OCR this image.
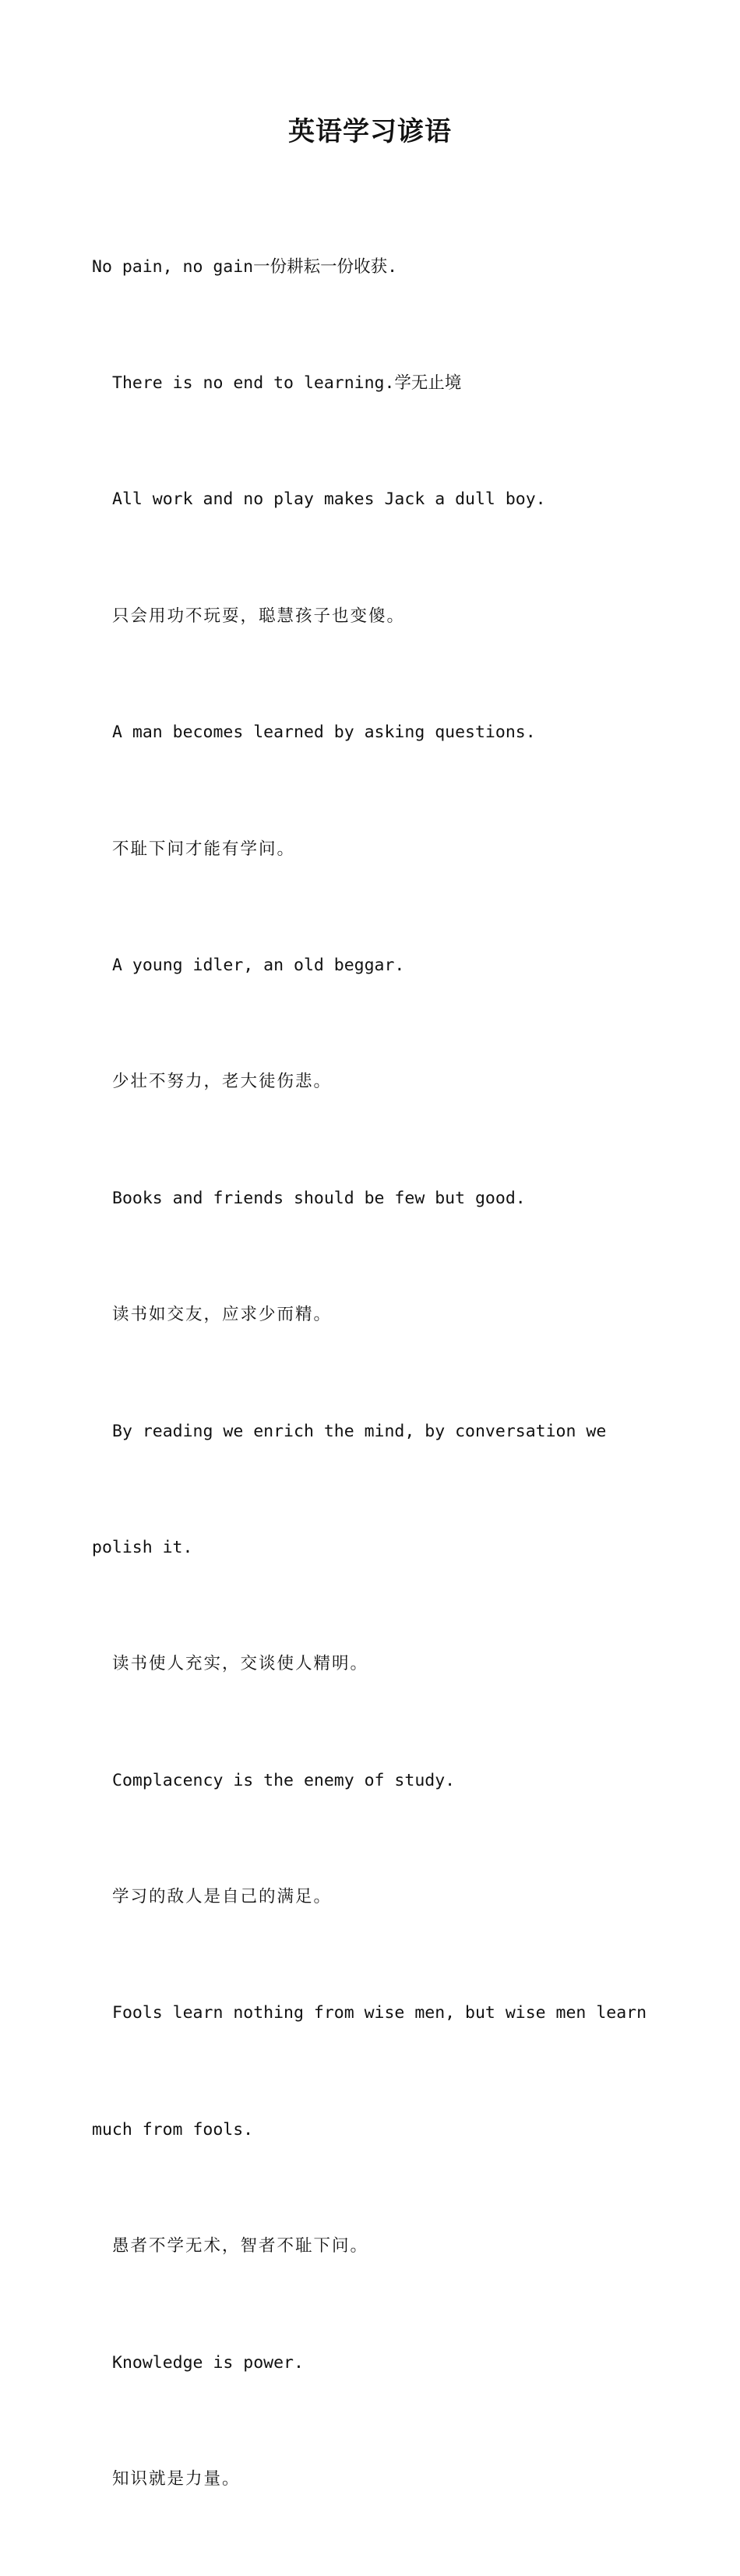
英语学习谚语

No pain, no gain一份耕耘一份收获.

There is no end to learning.学无止境

All work and no play makes Jack a dull boy.

只会用功不玩耍，聪慧孩子也变傻。

A man becomes learned by asking questions.

不耻下问才能有学问。

A young idler, an old beggar.

少壮不努力，老大徒伤悲。

Books and friends should be few but good.

读书如交友，应求少而精。

By reading we enrich the mind, by conversation we

polish it.

读书使人充实，交谈使人精明。

Complacency is the enemy of study.

学习的敌人是自己的满足。

Fools learn nothing from wise men, but wise men learn

much from fools.

愚者不学无术，智者不耻下问。

Knowledge is power.

知识就是力量。
